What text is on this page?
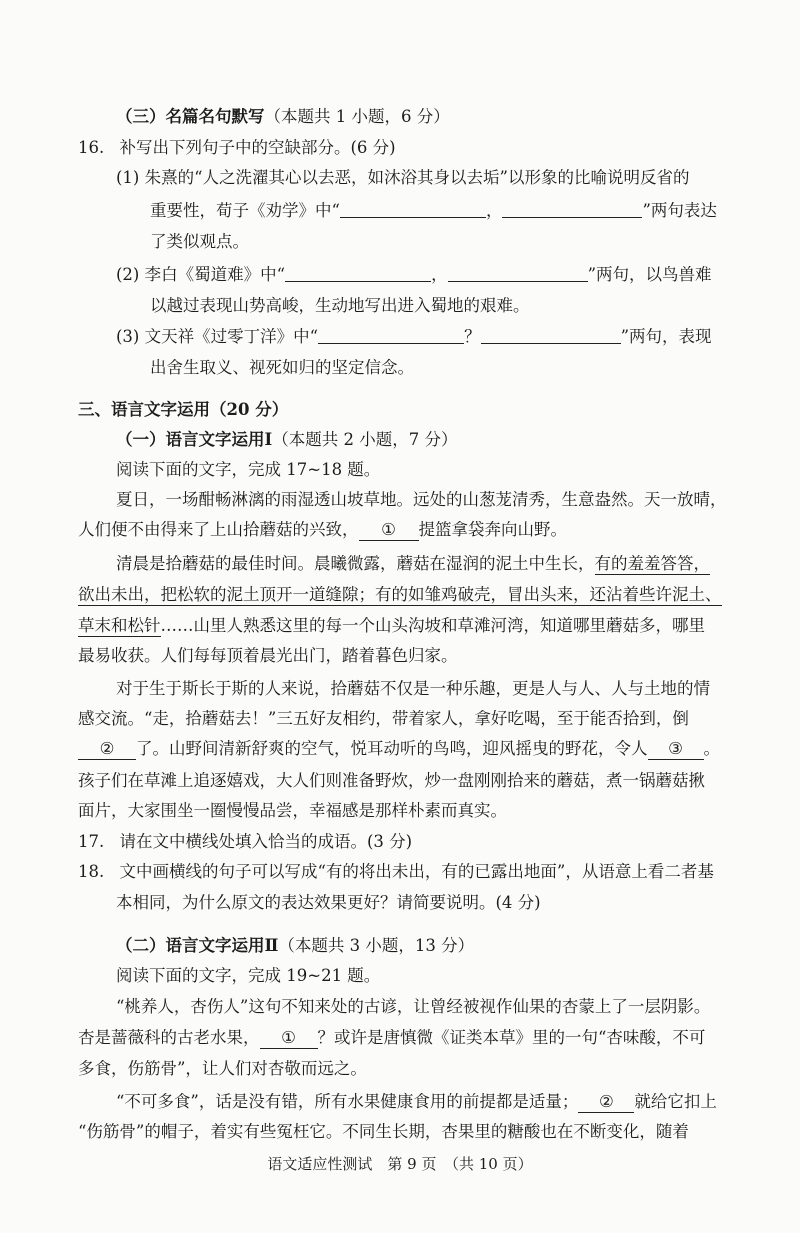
（三）名篇名句默写（本题共 1 小题，6 分）
16. 补写出下列句子中的空缺部分。(6 分)
(1) 朱熹的“人之洗濯其心以去恶，如沐浴其身以去垢”以形象的比喻说明反省的
重要性，荀子《劝学》中“	，	”两句表达
了类似观点。
(2) 李白《蜀道难》中“	，	”两句，以鸟兽难
以越过表现山势高峻，生动地写出进入蜀地的艰难。
(3) 文天祥《过零丁洋》中“	？	”两句，表现
出舍生取义、视死如归的坚定信念。
三、语言文字运用（20 分）
（一）语言文字运用Ⅰ（本题共 2 小题，7 分）
阅读下面的文字，完成 17~18 题。
夏日，一场酣畅淋漓的雨湿透山坡草地。远处的山葱茏清秀，生意盎然。天一放晴，
人们便不由得来了上山拾蘑菇的兴致， ① 提篮拿袋奔向山野。
清晨是拾蘑菇的最佳时间。晨曦微露，蘑菇在湿润的泥土中生长，有的羞羞答答，
欲出未出，把松软的泥土顶开一道缝隙；有的如雏鸡破壳，冒出头来，还沾着些许泥土、
草末和松针……山里人熟悉这里的每一个山头沟坡和草滩河湾，知道哪里蘑菇多，哪里
最易收获。人们每每顶着晨光出门，踏着暮色归家。
对于生于斯长于斯的人来说，拾蘑菇不仅是一种乐趣，更是人与人、人与土地的情
感交流。“走，拾蘑菇去！”三五好友相约，带着家人，拿好吃喝，至于能否拾到，倒
② 了。山野间清新舒爽的空气，悦耳动听的鸟鸣，迎风摇曳的野花，令人 ③ 。
孩子们在草滩上追逐嬉戏，大人们则准备野炊，炒一盘刚刚拾来的蘑菇，煮一锅蘑菇揪
面片，大家围坐一圈慢慢品尝，幸福感是那样朴素而真实。
17. 请在文中横线处填入恰当的成语。(3 分)
18. 文中画横线的句子可以写成“有的将出未出，有的已露出地面”，从语意上看二者基
本相同，为什么原文的表达效果更好？请简要说明。(4 分)
（二）语言文字运用Ⅱ（本题共 3 小题，13 分）
阅读下面的文字，完成 19~21 题。
“桃养人，杏伤人”这句不知来处的古谚，让曾经被视作仙果的杏蒙上了一层阴影。
杏是蔷薇科的古老水果， ① ？或许是唐慎微《证类本草》里的一句“杏味酸，不可
多食，伤筋骨”，让人们对杏敬而远之。
“不可多食”，话是没有错，所有水果健康食用的前提都是适量； ② 就给它扣上
“伤筋骨”的帽子，着实有些冤枉它。不同生长期，杏果里的糖酸也在不断变化，随着
语文适应性测试　第 9 页　（共 10 页）
